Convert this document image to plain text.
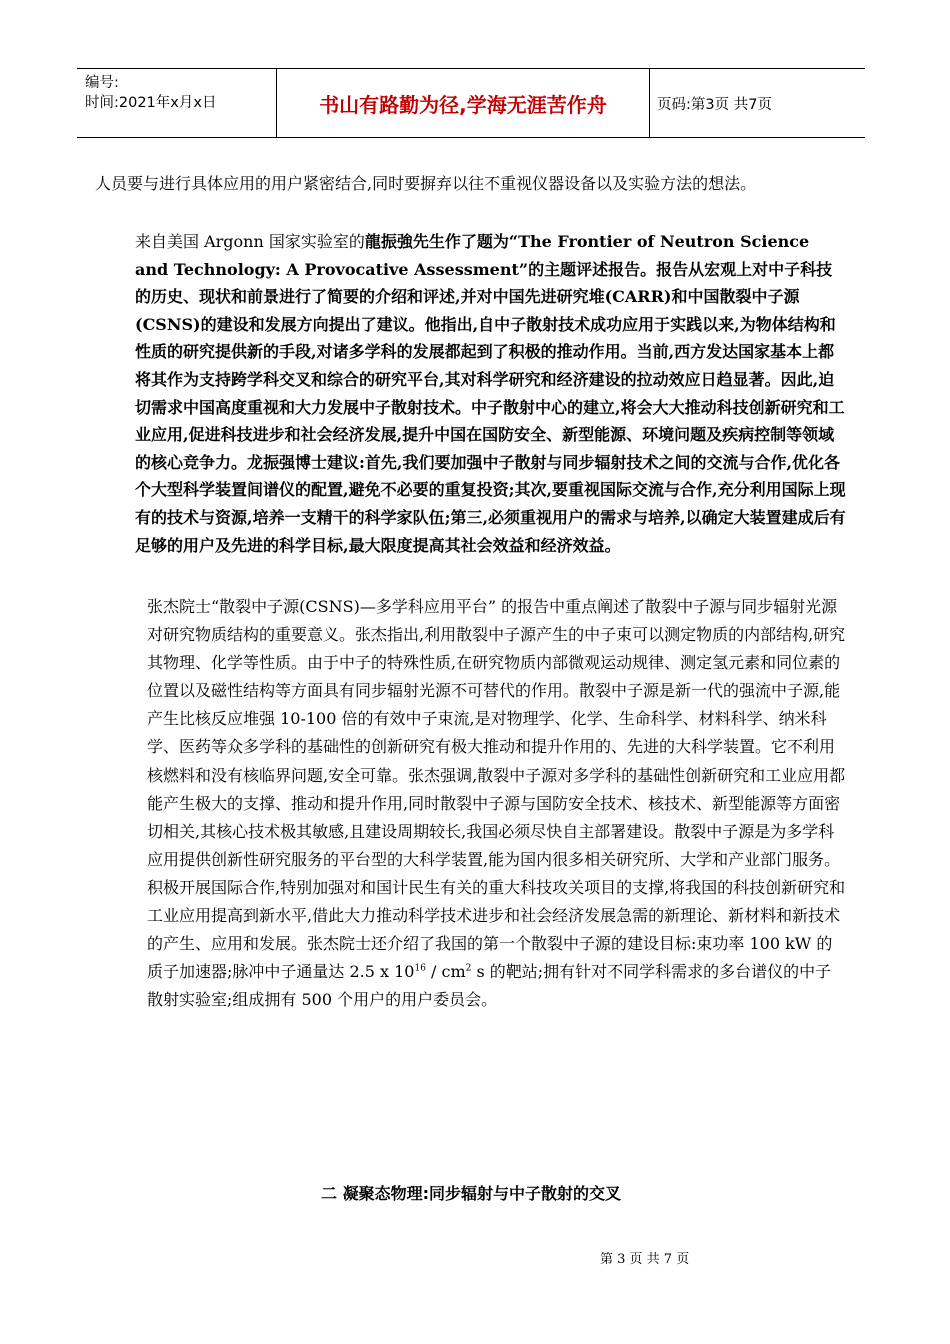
编号:
时间:2021年x月x日	书山有路勤为径,学海无涯苦作舟	页码:第3页 共7页

人员要与进行具体应用的用户紧密结合,同时要摒弃以往不重视仪器设备以及实验方法的想法。

来自美国 Argonn 国家实验室的龍振強先生作了题为“The Frontier of Neutron Science and Technology: A Provocative Assessment”的主题评述报告。报告从宏观上对中子科技的历史、现状和前景进行了简要的介绍和评述,并对中国先进研究堆(CARR)和中国散裂中子源(CSNS)的建设和发展方向提出了建议。他指出,自中子散射技术成功应用于实践以来,为物体结构和性质的研究提供新的手段,对诸多学科的发展都起到了积极的推动作用。当前,西方发达国家基本上都将其作为支持跨学科交叉和综合的研究平台,其对科学研究和经济建设的拉动效应日趋显著。因此,迫切需求中国高度重视和大力发展中子散射技术。中子散射中心的建立,将会大大推动科技创新研究和工业应用,促进科技进步和社会经济发展,提升中国在国防安全、新型能源、环境问题及疾病控制等领域的核心竞争力。龙振强博士建议:首先,我们要加强中子散射与同步辐射技术之间的交流与合作,优化各个大型科学装置间谱仪的配置,避免不必要的重复投资;其次,要重视国际交流与合作,充分利用国际上现有的技术与资源,培养一支精干的科学家队伍;第三,必须重视用户的需求与培养,以确定大装置建成后有足够的用户及先进的科学目标,最大限度提高其社会效益和经济效益。

张杰院士“散裂中子源(CSNS)—多学科应用平台” 的报告中重点阐述了散裂中子源与同步辐射光源对研究物质结构的重要意义。张杰指出,利用散裂中子源产生的中子束可以测定物质的内部结构,研究其物理、化学等性质。由于中子的特殊性质,在研究物质内部微观运动规律、测定氢元素和同位素的位置以及磁性结构等方面具有同步辐射光源不可替代的作用。散裂中子源是新一代的强流中子源,能产生比核反应堆强 10-100 倍的有效中子束流,是对物理学、化学、生命科学、材料科学、纳米科学、医药等众多学科的基础性的创新研究有极大推动和提升作用的、先进的大科学装置。它不利用核燃料和没有核临界问题,安全可靠。张杰强调,散裂中子源对多学科的基础性创新研究和工业应用都能产生极大的支撑、推动和提升作用,同时散裂中子源与国防安全技术、核技术、新型能源等方面密切相关,其核心技术极其敏感,且建设周期较长,我国必须尽快自主部署建设。散裂中子源是为多学科应用提供创新性研究服务的平台型的大科学装置,能为国内很多相关研究所、大学和产业部门服务。积极开展国际合作,特别加强对和国计民生有关的重大科技攻关项目的支撑,将我国的科技创新研究和工业应用提高到新水平,借此大力推动科学技术进步和社会经济发展急需的新理论、新材料和新技术的产生、应用和发展。张杰院士还介绍了我国的第一个散裂中子源的建设目标:束功率 100 kW 的质子加速器;脉冲中子通量达 2.5 x $10^{16} / cm^2$ s 的靶站;拥有针对不同学科需求的多台谱仪的中子散射实验室;组成拥有 500 个用户的用户委员会。

二 凝聚态物理:同步辐射与中子散射的交叉
第 3 页 共 7 页
